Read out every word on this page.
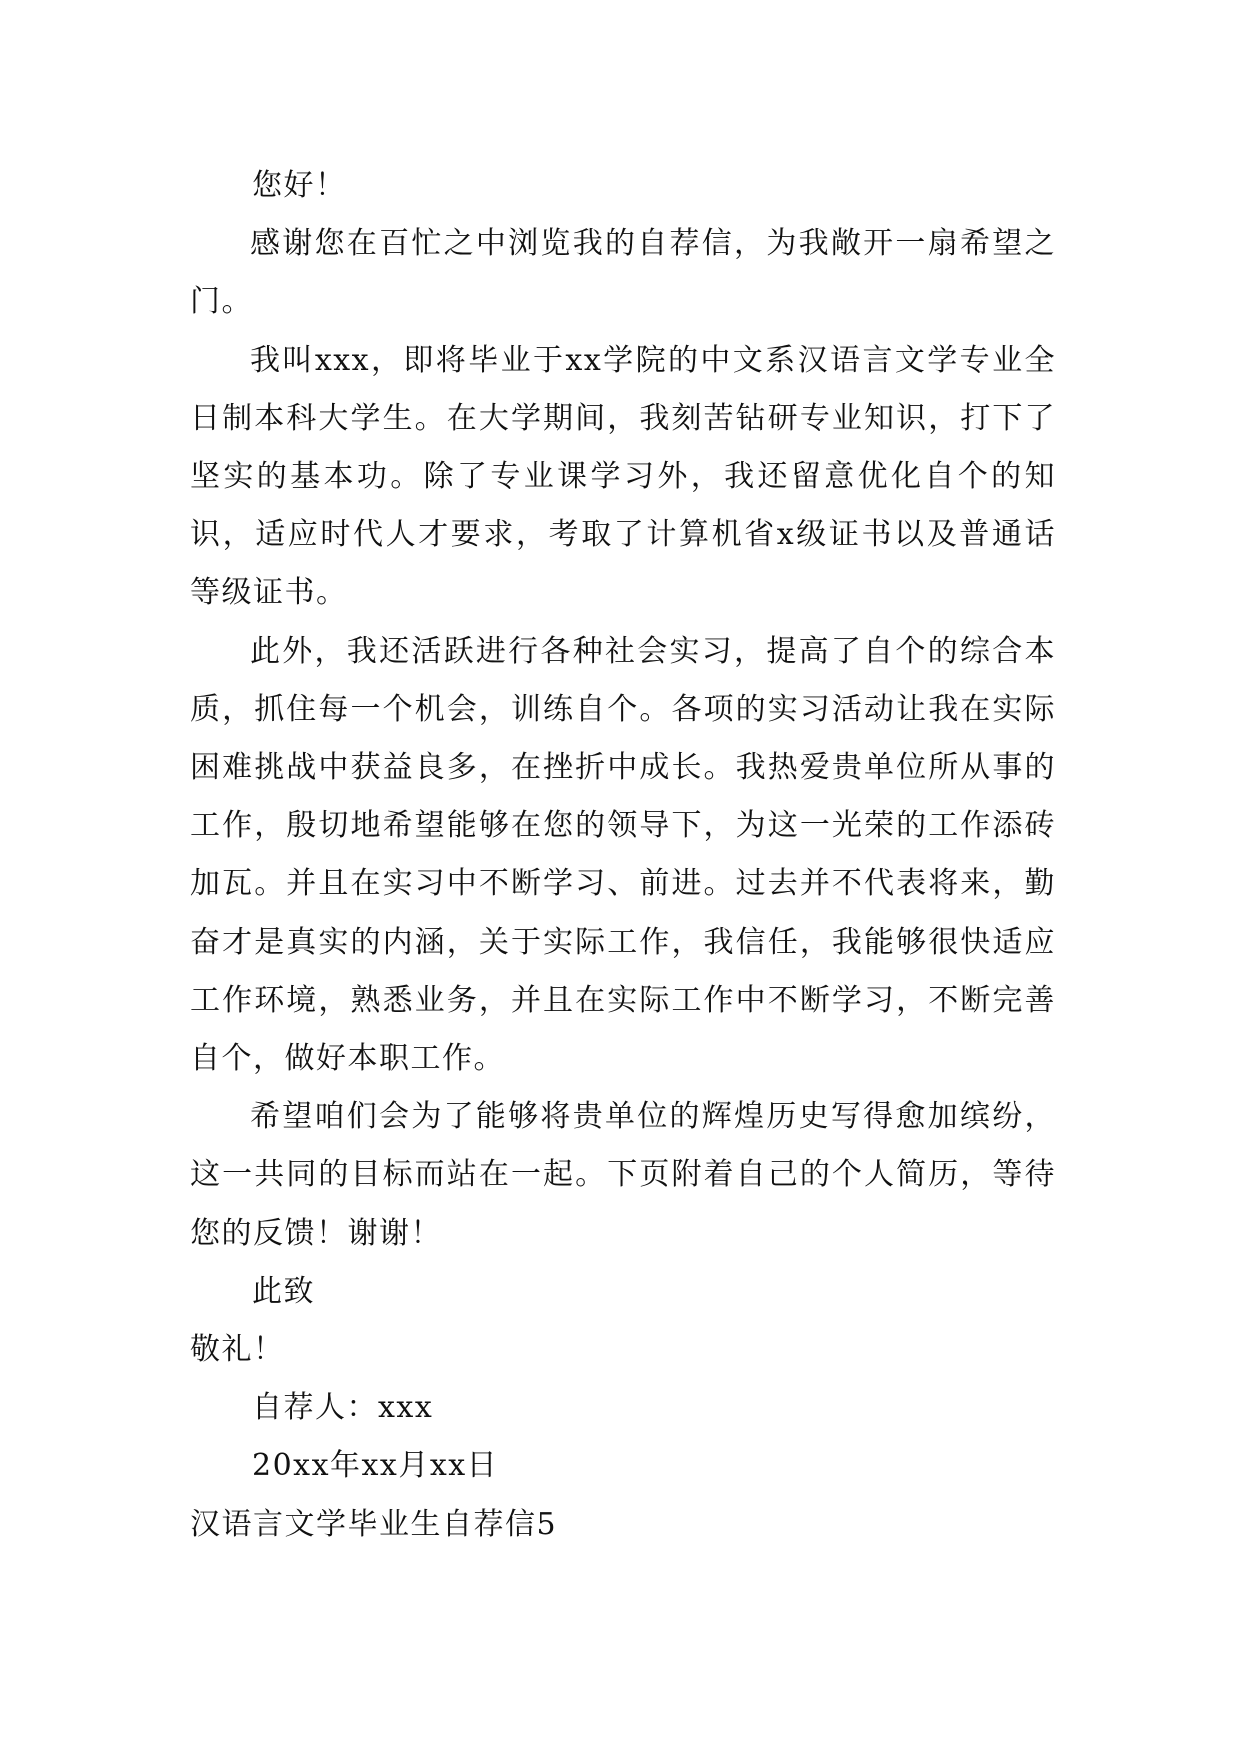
您好！

感谢您在百忙之中浏览我的自荐信，为我敞开一扇希望之门。

我叫xxx，即将毕业于xx学院的中文系汉语言文学专业全日制本科大学生。在大学期间，我刻苦钻研专业知识，打下了坚实的基本功。除了专业课学习外，我还留意优化自个的知识，适应时代人才要求，考取了计算机省x级证书以及普通话等级证书。

此外，我还活跃进行各种社会实习，提高了自个的综合本质，抓住每一个机会，训练自个。各项的实习活动让我在实际困难挑战中获益良多，在挫折中成长。我热爱贵单位所从事的工作，殷切地希望能够在您的领导下，为这一光荣的工作添砖加瓦。并且在实习中不断学习、前进。过去并不代表将来，勤奋才是真实的内涵，关于实际工作，我信任，我能够很快适应工作环境，熟悉业务，并且在实际工作中不断学习，不断完善自个，做好本职工作。

希望咱们会为了能够将贵单位的辉煌历史写得愈加缤纷，这一共同的目标而站在一起。下页附着自己的个人简历，等待您的反馈！谢谢！

此致

敬礼！

自荐人：xxx

20xx年xx月xx日

汉语言文学毕业生自荐信5
